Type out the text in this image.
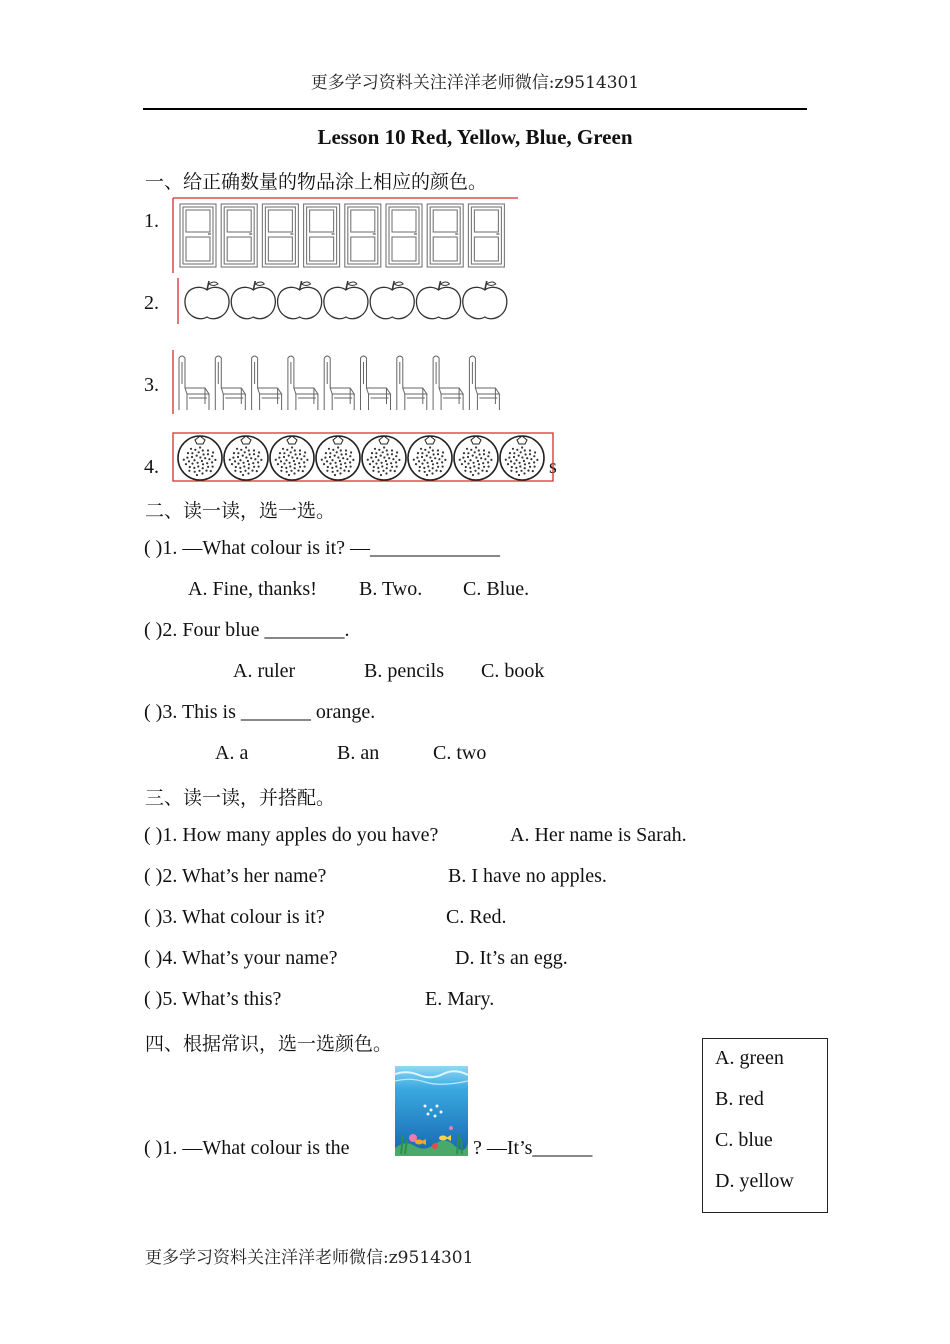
更多学习资料关注洋洋老师微信:z9514301
Lesson 10 Red, Yellow, Blue, Green
一、给正确数量的物品涂上相应的颜色。
1.
2.
3.
4.	s
二、读一读，选一选。
( )1. —What colour is it? —_____________
A. Fine, thanks! B. Two. C. Blue.
( )2. Four blue ________.
A. ruler	B. pencils C. book
( )3. This is _______ orange.
A. a	B. an	C. two
三、读一读，并搭配。
( )1. How many apples do you have?	A. Her name is Sarah.
( )2. What’s her name?	B. I have no apples.
( )3. What colour is it?	C. Red.
( )4. What’s your name?	D. It’s an egg.
( )5. What’s this?	E. Mary.
四、根据常识，选一选颜色。
A. green
B. red
C. blue
D. yellow
( )1. —What colour is the	? —It’s______
更多学习资料关注洋洋老师微信:z9514301
